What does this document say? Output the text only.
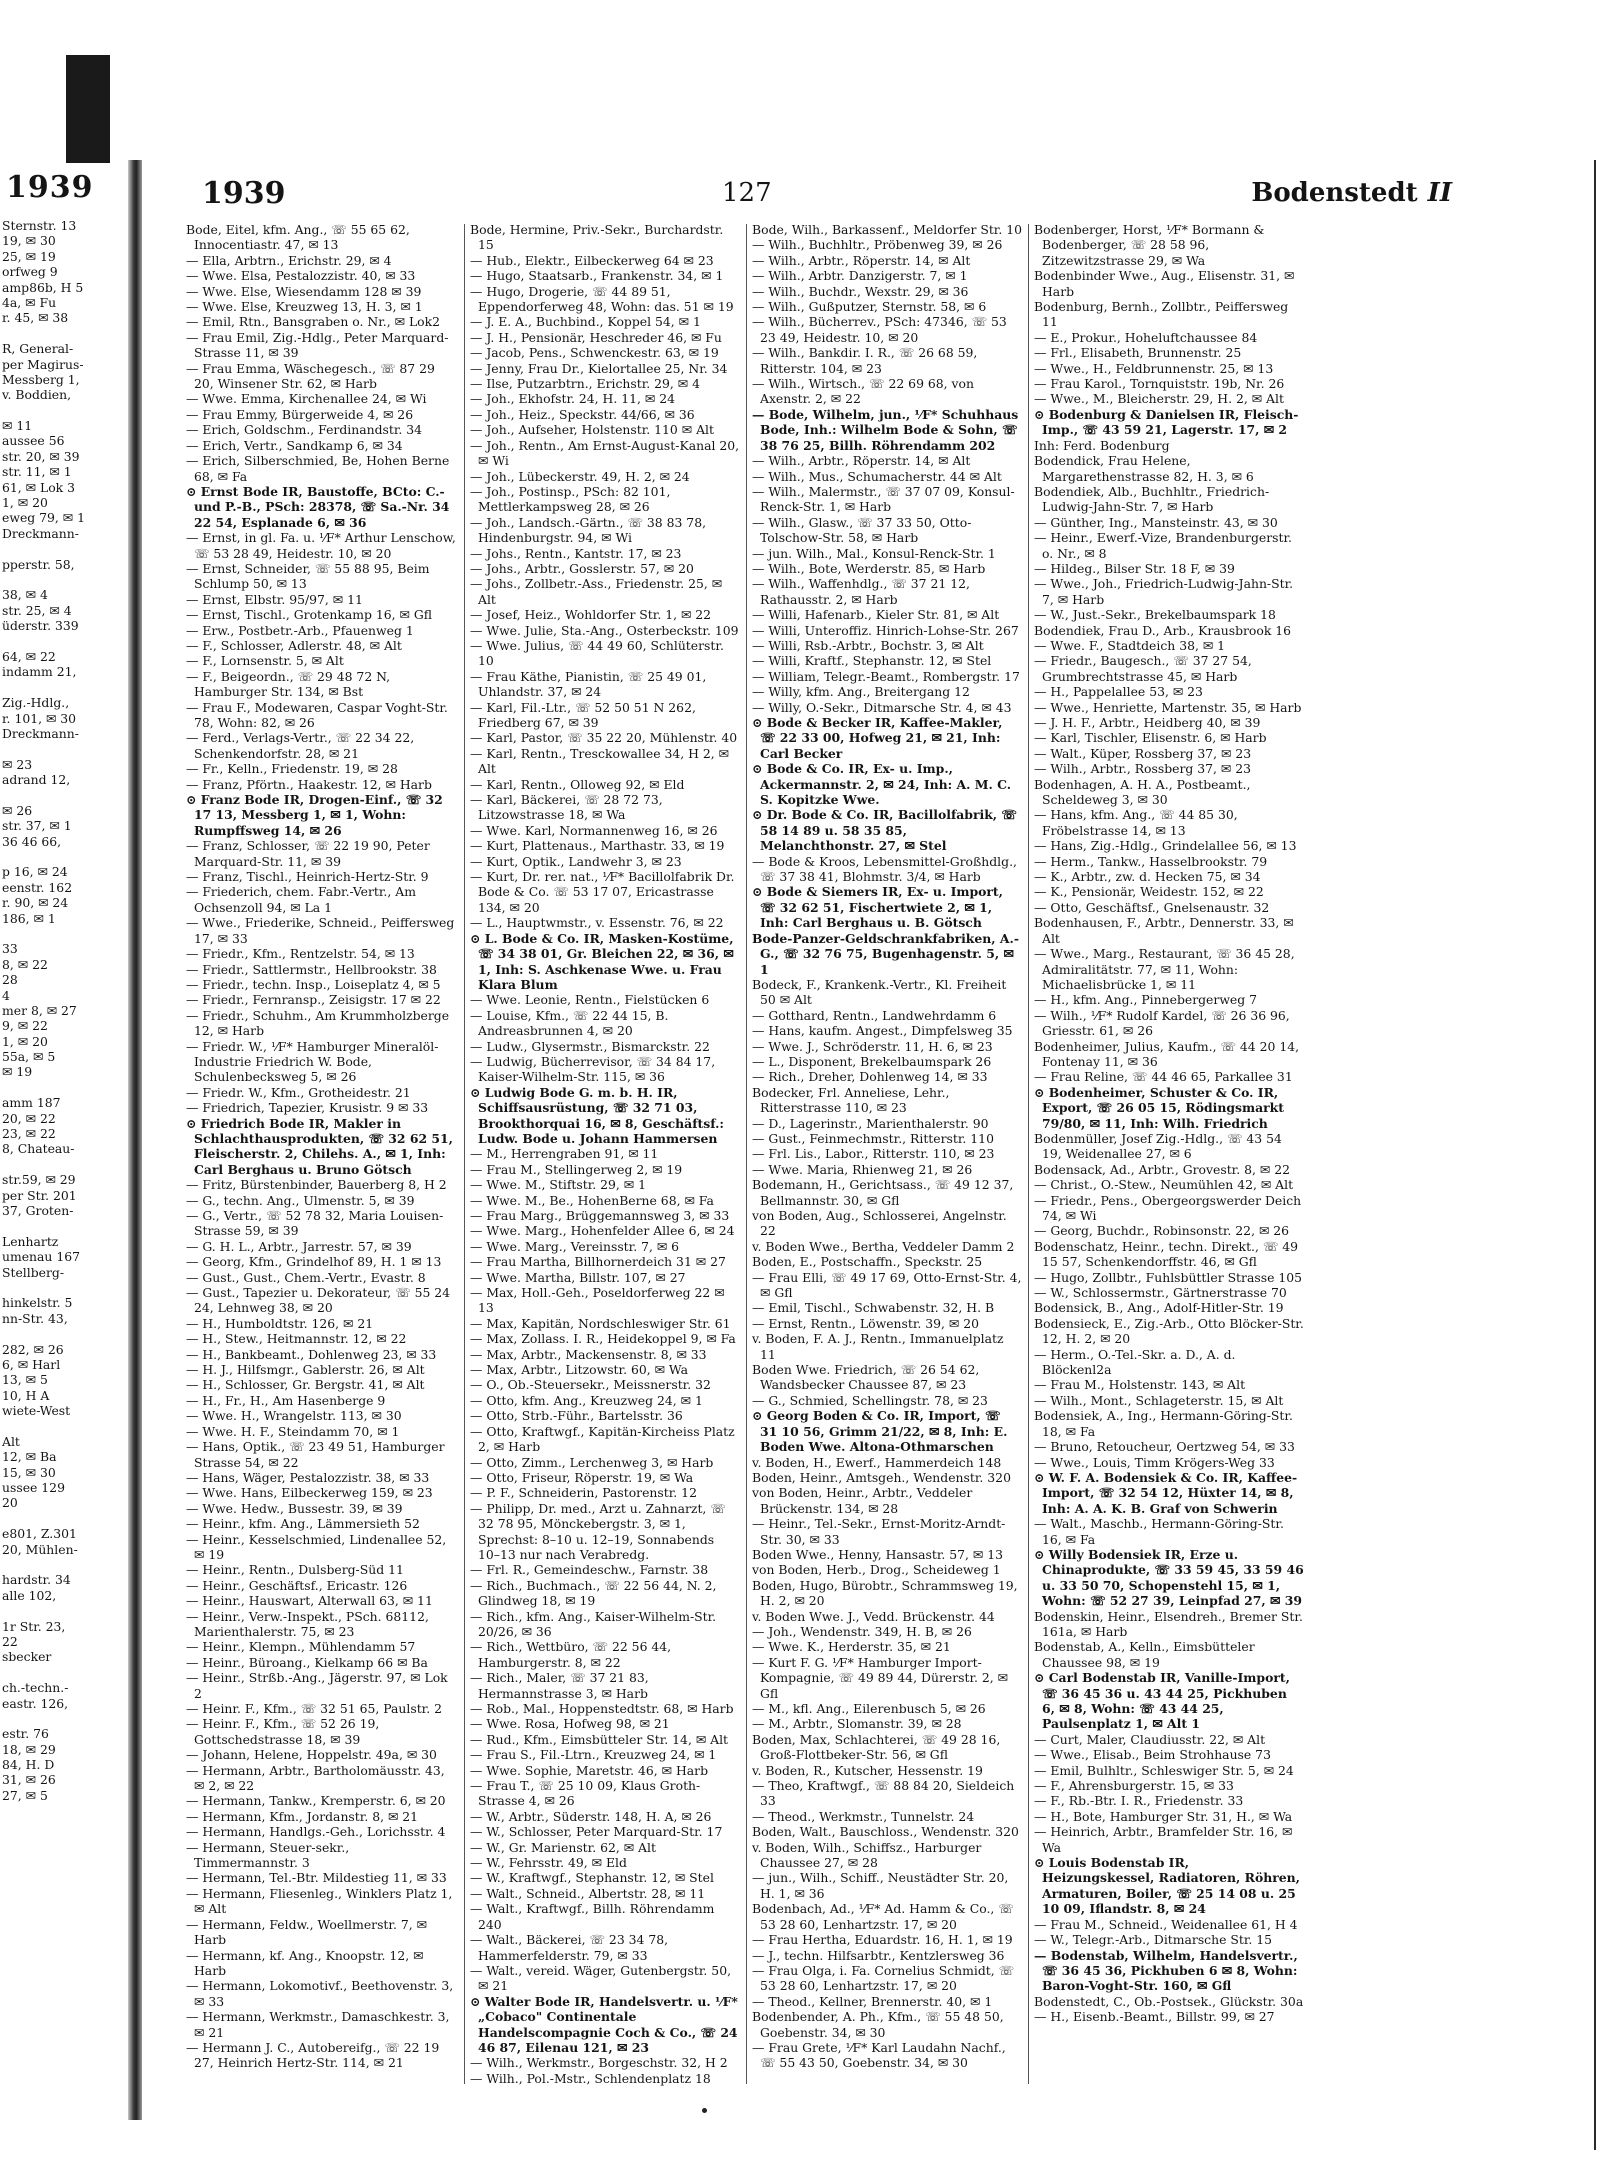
1939
Sternstr. 13
19, ✉ 30
25, ✉ 19
orfweg 9
amp86b, H 5
4a, ✉ Fu
r. 45, ✉ 38
R, General-
per Magirus-
Messberg 1,
v. Boddien,
✉ 11
aussee 56
str. 20, ✉ 39
str. 11, ✉ 1
61, ✉ Lok 3
1, ✉ 20
eweg 79, ✉ 1
Dreckmann-
pperstr. 58,
38, ✉ 4
str. 25, ✉ 4
üderstr. 339
64, ✉ 22
indamm 21,
Zig.-Hdlg.,
r. 101, ✉ 30
Dreckmann-
✉ 23
adrand 12,
✉ 26
str. 37, ✉ 1
36 46 66,
p 16, ✉ 24
eenstr. 162
r. 90, ✉ 24
186, ✉ 1
33
8, ✉ 22
28
4
mer 8, ✉ 27
9, ✉ 22
1, ✉ 20
55a, ✉ 5
✉ 19
amm 187
20, ✉ 22
23, ✉ 22
8, Chateau-
str.59, ✉ 29
per Str. 201
37, Groten-
Lenhartz
umenau 167
Stellberg-
hinkelstr. 5
nn-Str. 43,
282, ✉ 26
6, ✉ Harl
13, ✉ 5
10, H A
wiete-West
Alt
12, ✉ Ba
15, ✉ 30
ussee 129
20
e801, Z.301
20, Mühlen-
hardstr. 34
alle 102,
1r Str. 23,
22
sbecker
ch.-techn.-
eastr. 126,
estr. 76
18, ✉ 29
84, H. D
31, ✉ 26
27, ✉ 5
1939	127	Bodenstedt II

Bode, Eitel, kfm. Ang., ☏ 55 65 62, Innocentiastr. 47, ✉ 13

— Ella, Arbtrn., Erichstr. 29, ✉ 4

— Wwe. Elsa, Pestalozzistr. 40, ✉ 33

— Wwe. Else, Wiesendamm 128 ✉ 39

— Wwe. Else, Kreuzweg 13, H. 3, ✉ 1

— Emil, Rtn., Bansgraben o. Nr., ✉ Lok2

— Frau Emil, Zig.-Hdlg., Peter Marquard-Strasse 11, ✉ 39

— Frau Emma, Wäschegesch., ☏ 87 29 20, Winsener Str. 62, ✉ Harb

— Wwe. Emma, Kirchenallee 24, ✉ Wi

— Frau Emmy, Bürgerweide 4, ✉ 26

— Erich, Goldschm., Ferdinandstr. 34

— Erich, Vertr., Sandkamp 6, ✉ 34

— Erich, Silberschmied, Be, Hohen Berne 68, ✉ Fa

⊙ Ernst Bode IR, Baustoffe, BCto: C.- und P.-B., PSch: 28378, ☏ Sa.-Nr. 34 22 54, Esplanade 6, ✉ 36

— Ernst, in gl. Fa. u. ⅟F* Arthur Lenschow, ☏ 53 28 49, Heidestr. 10, ✉ 20

— Ernst, Schneider, ☏ 55 88 95, Beim Schlump 50, ✉ 13

— Ernst, Elbstr. 95/97, ✉ 11

— Ernst, Tischl., Grotenkamp 16, ✉ Gfl

— Erw., Postbetr.-Arb., Pfauenweg 1

— F., Schlosser, Adlerstr. 48, ✉ Alt

— F., Lornsenstr. 5, ✉ Alt

— F., Beigeordn., ☏ 29 48 72 N, Hamburger Str. 134, ✉ Bst

— Frau F., Modewaren, Caspar Voght-Str. 78, Wohn: 82, ✉ 26

— Ferd., Verlags-Vertr., ☏ 22 34 22, Schenkendorfstr. 28, ✉ 21

— Fr., Kelln., Friedenstr. 19, ✉ 28

— Franz, Pförtn., Haakestr. 12, ✉ Harb

⊙ Franz Bode IR, Drogen-Einf., ☏ 32 17 13, Messberg 1, ✉ 1, Wohn: Rumpffsweg 14, ✉ 26

— Franz, Schlosser, ☏ 22 19 90, Peter Marquard-Str. 11, ✉ 39

— Franz, Tischl., Heinrich-Hertz-Str. 9

— Friederich, chem. Fabr.-Vertr., Am Ochsenzoll 94, ✉ La 1

— Wwe., Friederike, Schneid., Peiffersweg 17, ✉ 33

— Friedr., Kfm., Rentzelstr. 54, ✉ 13

— Friedr., Sattlermstr., Hellbrookstr. 38

— Friedr., techn. Insp., Loiseplatz 4, ✉ 5

— Friedr., Fernransp., Zeisigstr. 17 ✉ 22

— Friedr., Schuhm., Am Krummholzberge 12, ✉ Harb

— Friedr. W., ⅟F* Hamburger Mineralöl-Industrie Friedrich W. Bode, Schulenbecksweg 5, ✉ 26

— Friedr. W., Kfm., Grotheidestr. 21

— Friedrich, Tapezier, Krusistr. 9 ✉ 33

⊙ Friedrich Bode IR, Makler in Schlachthausprodukten, ☏ 32 62 51, Fleischerstr. 2, Chilehs. A., ✉ 1, Inh: Carl Berghaus u. Bruno Götsch

— Fritz, Bürstenbinder, Bauerberg 8, H 2

— G., techn. Ang., Ulmenstr. 5, ✉ 39

— G., Vertr., ☏ 52 78 32, Maria Louisen-Strasse 59, ✉ 39

— G. H. L., Arbtr., Jarrestr. 57, ✉ 39

— Georg, Kfm., Grindelhof 89, H. 1 ✉ 13

— Gust., Gust., Chem.-Vertr., Evastr. 8

— Gust., Tapezier u. Dekorateur, ☏ 55 24 24, Lehnweg 38, ✉ 20

— H., Humboldtstr. 126, ✉ 21

— H., Stew., Heitmannstr. 12, ✉ 22

— H., Bankbeamt., Dohlenweg 23, ✉ 33

— H. J., Hilfsmgr., Gablerstr. 26, ✉ Alt

— H., Schlosser, Gr. Bergstr. 41, ✉ Alt

— H., Fr., H., Am Hasenberge 9

— Wwe. H., Wrangelstr. 113, ✉ 30

— Wwe. H. F., Steindamm 70, ✉ 1

— Hans, Optik., ☏ 23 49 51, Hamburger Strasse 54, ✉ 22

— Hans, Wäger, Pestalozzistr. 38, ✉ 33

— Wwe. Hans, Eilbeckerweg 159, ✉ 23

— Wwe. Hedw., Bussestr. 39, ✉ 39

— Heinr., kfm. Ang., Lämmersieth 52

— Heinr., Kesselschmied, Lindenallee 52, ✉ 19

— Heinr., Rentn., Dulsberg-Süd 11

— Heinr., Geschäftsf., Ericastr. 126

— Heinr., Hauswart, Alterwall 63, ✉ 11

— Heinr., Verw.-Inspekt., PSch. 68112, Marienthalerstr. 75, ✉ 23

— Heinr., Klempn., Mühlendamm 57

— Heinr., Büroang., Kielkamp 66 ✉ Ba

— Heinr., Strßb.-Ang., Jägerstr. 97, ✉ Lok 2

— Heinr. F., Kfm., ☏ 32 51 65, Paulstr. 2

— Heinr. F., Kfm., ☏ 52 26 19, Gottschedstrasse 18, ✉ 39

— Johann, Helene, Hoppelstr. 49a, ✉ 30

— Hermann, Arbtr., Bartholomäusstr. 43, ✉ 2, ✉ 22

— Hermann, Tankw., Kremperstr. 6, ✉ 20

— Hermann, Kfm., Jordanstr. 8, ✉ 21

— Hermann, Handlgs.-Geh., Lorichsstr. 4

— Hermann, Steuer-sekr., Timmermannstr. 3

— Hermann, Tel.-Btr. Mildestieg 11, ✉ 33

— Hermann, Fliesenleg., Winklers Platz 1, ✉ Alt

— Hermann, Feldw., Woellmerstr. 7, ✉ Harb

— Hermann, kf. Ang., Knoopstr. 12, ✉ Harb

— Hermann, Lokomotivf., Beethovenstr. 3, ✉ 33

— Hermann, Werkmstr., Damaschkestr. 3, ✉ 21

— Hermann J. C., Autobereifg., ☏ 22 19 27, Heinrich Hertz-Str. 114, ✉ 21

Bode, Hermine, Priv.-Sekr., Burchardstr. 15

— Hub., Elektr., Eilbeckerweg 64 ✉ 23

— Hugo, Staatsarb., Frankenstr. 34, ✉ 1

— Hugo, Drogerie, ☏ 44 89 51, Eppendorferweg 48, Wohn: das. 51 ✉ 19

— J. E. A., Buchbind., Koppel 54, ✉ 1

— J. H., Pensionär, Heschreder 46, ✉ Fu

— Jacob, Pens., Schwenckestr. 63, ✉ 19

— Jenny, Frau Dr., Kielortallee 25, Nr. 34

— Ilse, Putzarbtrn., Erichstr. 29, ✉ 4

— Joh., Ekhofstr. 24, H. 11, ✉ 24

— Joh., Heiz., Speckstr. 44/66, ✉ 36

— Joh., Aufseher, Holstenstr. 110 ✉ Alt

— Joh., Rentn., Am Ernst-August-Kanal 20, ✉ Wi

— Joh., Lübeckerstr. 49, H. 2, ✉ 24

— Joh., Postinsp., PSch: 82 101, Mettlerkampsweg 28, ✉ 26

— Joh., Landsch.-Gärtn., ☏ 38 83 78, Hindenburgstr. 94, ✉ Wi

— Johs., Rentn., Kantstr. 17, ✉ 23

— Johs., Arbtr., Gosslerstr. 57, ✉ 20

— Johs., Zollbetr.-Ass., Friedenstr. 25, ✉ Alt

— Josef, Heiz., Wohldorfer Str. 1, ✉ 22

— Wwe. Julie, Sta.-Ang., Osterbeckstr. 109

— Wwe. Julius, ☏ 44 49 60, Schlüterstr. 10

— Frau Käthe, Pianistin, ☏ 25 49 01, Uhlandstr. 37, ✉ 24

— Karl, Fil.-Ltr., ☏ 52 50 51 N 262, Friedberg 67, ✉ 39

— Karl, Pastor, ☏ 35 22 20, Mühlenstr. 40

— Karl, Rentn., Tresckowallee 34, H 2, ✉ Alt

— Karl, Rentn., Olloweg 92, ✉ Eld

— Karl, Bäckerei, ☏ 28 72 73, Litzowstrasse 18, ✉ Wa

— Wwe. Karl, Normannenweg 16, ✉ 26

— Kurt, Plattenaus., Marthastr. 33, ✉ 19

— Kurt, Optik., Landwehr 3, ✉ 23

— Kurt, Dr. rer. nat., ⅟F* Bacillolfabrik Dr. Bode & Co. ☏ 53 17 07, Ericastrasse 134, ✉ 20

— L., Hauptwmstr., v. Essenstr. 76, ✉ 22

⊙ L. Bode & Co. IR, Masken-Kostüme, ☏ 34 38 01, Gr. Bleichen 22, ✉ 36, ✉ 1, Inh: S. Aschkenase Wwe. u. Frau Klara Blum

— Wwe. Leonie, Rentn., Fielstücken 6

— Louise, Kfm., ☏ 22 44 15, B. Andreasbrunnen 4, ✉ 20

— Ludw., Glysermstr., Bismarckstr. 22

— Ludwig, Bücherrevisor, ☏ 34 84 17, Kaiser-Wilhelm-Str. 115, ✉ 36

⊙ Ludwig Bode G. m. b. H. IR, Schiffsausrüstung, ☏ 32 71 03, Brookthorquai 16, ✉ 8, Geschäftsf.: Ludw. Bode u. Johann Hammersen

— M., Herrengraben 91, ✉ 11

— Frau M., Stellingerweg 2, ✉ 19

— Wwe. M., Stiftstr. 29, ✉ 1

— Wwe. M., Be., HohenBerne 68, ✉ Fa

— Frau Marg., Brüggemannsweg 3, ✉ 33

— Wwe. Marg., Hohenfelder Allee 6, ✉ 24

— Wwe. Marg., Vereinsstr. 7, ✉ 6

— Frau Martha, Billhornerdeich 31 ✉ 27

— Wwe. Martha, Billstr. 107, ✉ 27

— Max, Holl.-Geh., Poseldorferweg 22 ✉ 13

— Max, Kapitän, Nordschleswiger Str. 61

— Max, Zollass. I. R., Heidekoppel 9, ✉ Fa

— Max, Arbtr., Mackensenstr. 8, ✉ 33

— Max, Arbtr., Litzowstr. 60, ✉ Wa

— O., Ob.-Steuersekr., Meissnerstr. 32

— Otto, kfm. Ang., Kreuzweg 24, ✉ 1

— Otto, Strb.-Führ., Bartelsstr. 36

— Otto, Kraftwgf., Kapitän-Kircheiss Platz 2, ✉ Harb

— Otto, Zimm., Lerchenweg 3, ✉ Harb

— Otto, Friseur, Röperstr. 19, ✉ Wa

— P. F., Schneiderin, Pastorenstr. 12

— Philipp, Dr. med., Arzt u. Zahnarzt, ☏ 32 78 95, Mönckebergstr. 3, ✉ 1, Sprechst: 8–10 u. 12–19, Sonnabends 10–13 nur nach Verabredg.

— Frl. R., Gemeindeschw., Farnstr. 38

— Rich., Buchmach., ☏ 22 56 44, N. 2, Glindweg 18, ✉ 19

— Rich., kfm. Ang., Kaiser-Wilhelm-Str. 20/26, ✉ 36

— Rich., Wettbüro, ☏ 22 56 44, Hamburgerstr. 8, ✉ 22

— Rich., Maler, ☏ 37 21 83, Hermannstrasse 3, ✉ Harb

— Rob., Mal., Hoppenstedtstr. 68, ✉ Harb

— Wwe. Rosa, Hofweg 98, ✉ 21

— Rud., Kfm., Eimsbütteler Str. 14, ✉ Alt

— Frau S., Fil.-Ltrn., Kreuzweg 24, ✉ 1

— Wwe. Sophie, Maretstr. 46, ✉ Harb

— Frau T., ☏ 25 10 09, Klaus Groth-Strasse 4, ✉ 26

— W., Arbtr., Süderstr. 148, H. A, ✉ 26

— W., Schlosser, Peter Marquard-Str. 17

— W., Gr. Marienstr. 62, ✉ Alt

— W., Fehrsstr. 49, ✉ Eld

— W., Kraftwgf., Stephanstr. 12, ✉ Stel

— Walt., Schneid., Albertstr. 28, ✉ 11

— Walt., Kraftwgf., Billh. Röhrendamm 240

— Walt., Bäckerei, ☏ 23 34 78, Hammerfelderstr. 79, ✉ 33

— Walt., vereid. Wäger, Gutenbergstr. 50, ✉ 21

⊙ Walter Bode IR, Handelsvertr. u. ⅟F* „Cobaco" Continentale Handelscompagnie Coch & Co., ☏ 24 46 87, Eilenau 121, ✉ 23

— Wilh., Werkmstr., Borgeschstr. 32, H 2

— Wilh., Pol.-Mstr., Schlendenplatz 18

Bode, Wilh., Barkassenf., Meldorfer Str. 10

— Wilh., Buchhltr., Pröbenweg 39, ✉ 26

— Wilh., Arbtr., Röperstr. 14, ✉ Alt

— Wilh., Arbtr. Danzigerstr. 7, ✉ 1

— Wilh., Buchdr., Wexstr. 29, ✉ 36

— Wilh., Gußputzer, Sternstr. 58, ✉ 6

— Wilh., Bücherrev., PSch: 47346, ☏ 53 23 49, Heidestr. 10, ✉ 20

— Wilh., Bankdir. I. R., ☏ 26 68 59, Ritterstr. 104, ✉ 23

— Wilh., Wirtsch., ☏ 22 69 68, von Axenstr. 2, ✉ 22

— Bode, Wilhelm, jun., ⅟F* Schuhhaus Bode, Inh.: Wilhelm Bode & Sohn, ☏ 38 76 25, Billh. Röhrendamm 202

— Wilh., Arbtr., Röperstr. 14, ✉ Alt

— Wilh., Mus., Schumacherstr. 44 ✉ Alt

— Wilh., Malermstr., ☏ 37 07 09, Konsul-Renck-Str. 1, ✉ Harb

— Wilh., Glasw., ☏ 37 33 50, Otto-Tolschow-Str. 58, ✉ Harb

— jun. Wilh., Mal., Konsul-Renck-Str. 1

— Wilh., Bote, Werderstr. 85, ✉ Harb

— Wilh., Waffenhdlg., ☏ 37 21 12, Rathausstr. 2, ✉ Harb

— Willi, Hafenarb., Kieler Str. 81, ✉ Alt

— Willi, Unteroffiz. Hinrich-Lohse-Str. 267

— Willi, Rsb.-Arbtr., Bochstr. 3, ✉ Alt

— Willi, Kraftf., Stephanstr. 12, ✉ Stel

— William, Telegr.-Beamt., Rombergstr. 17

— Willy, kfm. Ang., Breitergang 12

— Willy, O.-Sekr., Ditmarsche Str. 4, ✉ 43

⊙ Bode & Becker IR, Kaffee-Makler, ☏ 22 33 00, Hofweg 21, ✉ 21, Inh: Carl Becker

⊙ Bode & Co. IR, Ex- u. Imp., Ackermannstr. 2, ✉ 24, Inh: A. M. C. S. Kopitzke Wwe.

⊙ Dr. Bode & Co. IR, Bacillolfabrik, ☏ 58 14 89 u. 58 35 85, Melanchthonstr. 27, ✉ Stel

— Bode & Kroos, Lebensmittel-Großhdlg., ☏ 37 38 41, Blohmstr. 3/4, ✉ Harb

⊙ Bode & Siemers IR, Ex- u. Import, ☏ 32 62 51, Fischertwiete 2, ✉ 1, Inh: Carl Berghaus u. B. Götsch

Bode-Panzer-Geldschrankfabriken, A.-G., ☏ 32 76 75, Bugenhagenstr. 5, ✉ 1

Bodeck, F., Krankenk.-Vertr., Kl. Freiheit 50 ✉ Alt

— Gotthard, Rentn., Landwehrdamm 6

— Hans, kaufm. Angest., Dimpfelsweg 35

— Wwe. J., Schröderstr. 11, H. 6, ✉ 23

— L., Disponent, Brekelbaumspark 26

— Rich., Dreher, Dohlenweg 14, ✉ 33

Bodecker, Frl. Anneliese, Lehr., Ritterstrasse 110, ✉ 23

— D., Lagerinstr., Marienthalerstr. 90

— Gust., Feinmechmstr., Ritterstr. 110

— Frl. Lis., Labor., Ritterstr. 110, ✉ 23

— Wwe. Maria, Rhienweg 21, ✉ 26

Bodemann, H., Gerichtsass., ☏ 49 12 37, Bellmannstr. 30, ✉ Gfl

von Boden, Aug., Schlosserei, Angelnstr. 22

v. Boden Wwe., Bertha, Veddeler Damm 2

Boden, E., Postschaffn., Speckstr. 25

— Frau Elli, ☏ 49 17 69, Otto-Ernst-Str. 4, ✉ Gfl

— Emil, Tischl., Schwabenstr. 32, H. B

— Ernst, Rentn., Löwenstr. 39, ✉ 20

v. Boden, F. A. J., Rentn., Immanuelplatz 11

Boden Wwe. Friedrich, ☏ 26 54 62, Wandsbecker Chaussee 87, ✉ 23

— G., Schmied, Schellingstr. 78, ✉ 23

⊙ Georg Boden & Co. IR, Import, ☏ 31 10 56, Grimm 21/22, ✉ 8, Inh: E. Boden Wwe. Altona-Othmarschen

v. Boden, H., Ewerf., Hammerdeich 148

Boden, Heinr., Amtsgeh., Wendenstr. 320

von Boden, Heinr., Arbtr., Veddeler Brückenstr. 134, ✉ 28

— Heinr., Tel.-Sekr., Ernst-Moritz-Arndt-Str. 30, ✉ 33

Boden Wwe., Henny, Hansastr. 57, ✉ 13

von Boden, Herb., Drog., Scheideweg 1

Boden, Hugo, Bürobtr., Schrammsweg 19, H. 2, ✉ 20

v. Boden Wwe. J., Vedd. Brückenstr. 44

— Joh., Wendenstr. 349, H. B, ✉ 26

— Wwe. K., Herderstr. 35, ✉ 21

— Kurt F. G. ⅟F* Hamburger Import-Kompagnie, ☏ 49 89 44, Dürerstr. 2, ✉ Gfl

— M., kfl. Ang., Eilerenbusch 5, ✉ 26

— M., Arbtr., Slomanstr. 39, ✉ 28

Boden, Max, Schlachterei, ☏ 49 28 16, Groß-Flottbeker-Str. 56, ✉ Gfl

v. Boden, R., Kutscher, Hessenstr. 19

— Theo, Kraftwgf., ☏ 88 84 20, Sieldeich 33

— Theod., Werkmstr., Tunnelstr. 24

Boden, Walt., Bauschloss., Wendenstr. 320

v. Boden, Wilh., Schiffsz., Harburger Chaussee 27, ✉ 28

— jun., Wilh., Schiff., Neustädter Str. 20, H. 1, ✉ 36

Bodenbach, Ad., ⅟F* Ad. Hamm & Co., ☏ 53 28 60, Lenhartzstr. 17, ✉ 20

— Frau Hertha, Eduardstr. 16, H. 1, ✉ 19

— J., techn. Hilfsarbtr., Kentzlersweg 36

— Frau Olga, i. Fa. Cornelius Schmidt, ☏ 53 28 60, Lenhartzstr. 17, ✉ 20

— Theod., Kellner, Brennerstr. 40, ✉ 1

Bodenbender, A. Ph., Kfm., ☏ 55 48 50, Goebenstr. 34, ✉ 30

— Frau Grete, ⅟F* Karl Laudahn Nachf., ☏ 55 43 50, Goebenstr. 34, ✉ 30

Bodenberger, Horst, ⅟F* Bormann & Bodenberger, ☏ 28 58 96, Zitzewitzstrasse 29, ✉ Wa

Bodenbinder Wwe., Aug., Elisenstr. 31, ✉ Harb

Bodenburg, Bernh., Zollbtr., Peiffersweg 11

— E., Prokur., Hoheluftchaussee 84

— Frl., Elisabeth, Brunnenstr. 25

— Wwe., H., Feldbrunnenstr. 25, ✉ 13

— Frau Karol., Tornquiststr. 19b, Nr. 26

— Wwe., M., Bleicherstr. 29, H. 2, ✉ Alt

⊙ Bodenburg & Danielsen IR, Fleisch-Imp., ☏ 43 59 21, Lagerstr. 17, ✉ 2

Inh: Ferd. Bodenburg

Bodendick, Frau Helene, Margarethenstrasse 82, H. 3, ✉ 6

Bodendiek, Alb., Buchhltr., Friedrich-Ludwig-Jahn-Str. 7, ✉ Harb

— Günther, Ing., Mansteinstr. 43, ✉ 30

— Heinr., Ewerf.-Vize, Brandenburgerstr. o. Nr., ✉ 8

— Hildeg., Bilser Str. 18 F, ✉ 39

— Wwe., Joh., Friedrich-Ludwig-Jahn-Str. 7, ✉ Harb

— W., Just.-Sekr., Brekelbaumspark 18

Bodendiek, Frau D., Arb., Krausbrook 16

— Wwe. F., Stadtdeich 38, ✉ 1

— Friedr., Baugesch., ☏ 37 27 54, Grumbrechtstrasse 45, ✉ Harb

— H., Pappelallee 53, ✉ 23

— Wwe., Henriette, Martenstr. 35, ✉ Harb

— J. H. F., Arbtr., Heidberg 40, ✉ 39

— Karl, Tischler, Elisenstr. 6, ✉ Harb

— Walt., Küper, Rossberg 37, ✉ 23

— Wilh., Arbtr., Rossberg 37, ✉ 23

Bodenhagen, A. H. A., Postbeamt., Scheldeweg 3, ✉ 30

— Hans, kfm. Ang., ☏ 44 85 30, Fröbelstrasse 14, ✉ 13

— Hans, Zig.-Hdlg., Grindelallee 56, ✉ 13

— Herm., Tankw., Hasselbrookstr. 79

— K., Arbtr., zw. d. Hecken 75, ✉ 34

— K., Pensionär, Weidestr. 152, ✉ 22

— Otto, Geschäftsf., Gnelsenaustr. 32

Bodenhausen, F., Arbtr., Dennerstr. 33, ✉ Alt

— Wwe., Marg., Restaurant, ☏ 36 45 28, Admiralitätstr. 77, ✉ 11, Wohn: Michaelisbrücke 1, ✉ 11

— H., kfm. Ang., Pinnebergerweg 7

— Wilh., ⅟F* Rudolf Kardel, ☏ 26 36 96, Griesstr. 61, ✉ 26

Bodenheimer, Julius, Kaufm., ☏ 44 20 14, Fontenay 11, ✉ 36

— Frau Reline, ☏ 44 46 65, Parkallee 31

⊙ Bodenheimer, Schuster & Co. IR, Export, ☏ 26 05 15, Rödingsmarkt 79/80, ✉ 11, Inh: Wilh. Friedrich

Bodenmüller, Josef Zig.-Hdlg., ☏ 43 54 19, Weidenallee 27, ✉ 6

Bodensack, Ad., Arbtr., Grovestr. 8, ✉ 22

— Christ., O.-Stew., Neumühlen 42, ✉ Alt

— Friedr., Pens., Obergeorgswerder Deich 74, ✉ Wi

— Georg, Buchdr., Robinsonstr. 22, ✉ 26

Bodenschatz, Heinr., techn. Direkt., ☏ 49 15 57, Schenkendorffstr. 46, ✉ Gfl

— Hugo, Zollbtr., Fuhlsbüttler Strasse 105

— W., Schlossermstr., Gärtnerstrasse 70

Bodensick, B., Ang., Adolf-Hitler-Str. 19

Bodensieck, E., Zig.-Arb., Otto Blöcker-Str. 12, H. 2, ✉ 20

— Herm., O.-Tel.-Skr. a. D., A. d. Blöckenl2a

— Frau M., Holstenstr. 143, ✉ Alt

— Wilh., Mont., Schlageterstr. 15, ✉ Alt

Bodensiek, A., Ing., Hermann-Göring-Str. 18, ✉ Fa

— Bruno, Retoucheur, Oertzweg 54, ✉ 33

— Wwe., Louis, Timm Krögers-Weg 33

⊙ W. F. A. Bodensiek & Co. IR, Kaffee-Import, ☏ 32 54 12, Hüxter 14, ✉ 8, Inh: A. A. K. B. Graf von Schwerin

— Walt., Maschb., Hermann-Göring-Str. 16, ✉ Fa

⊙ Willy Bodensiek IR, Erze u. Chinaprodukte, ☏ 33 59 45, 33 59 46 u. 33 50 70, Schopenstehl 15, ✉ 1, Wohn: ☏ 52 27 39, Leinpfad 27, ✉ 39

Bodenskin, Heinr., Elsendreh., Bremer Str. 161a, ✉ Harb

Bodenstab, A., Kelln., Eimsbütteler Chaussee 98, ✉ 19

⊙ Carl Bodenstab IR, Vanille-Import, ☏ 36 45 36 u. 43 44 25, Pickhuben 6, ✉ 8, Wohn: ☏ 43 44 25, Paulsenplatz 1, ✉ Alt 1

— Curt, Maler, Claudiusstr. 22, ✉ Alt

— Wwe., Elisab., Beim Strohhause 73

— Emil, Bulhltr., Schleswiger Str. 5, ✉ 24

— F., Ahrensburgerstr. 15, ✉ 33

— F., Rb.-Btr. I. R., Friedenstr. 33

— H., Bote, Hamburger Str. 31, H., ✉ Wa

— Heinrich, Arbtr., Bramfelder Str. 16, ✉ Wa

⊙ Louis Bodenstab IR, Heizungskessel, Radiatoren, Röhren, Armaturen, Boiler, ☏ 25 14 08 u. 25 10 09, Iflandstr. 8, ✉ 24

— Frau M., Schneid., Weidenallee 61, H 4

— W., Telegr.-Arb., Ditmarsche Str. 15

— Bodenstab, Wilhelm, Handelsvertr., ☏ 36 45 36, Pickhuben 6 ✉ 8, Wohn: Baron-Voght-Str. 160, ✉ Gfl

Bodenstedt, C., Ob.-Postsek., Glückstr. 30a

— H., Eisenb.-Beamt., Billstr. 99, ✉ 27
